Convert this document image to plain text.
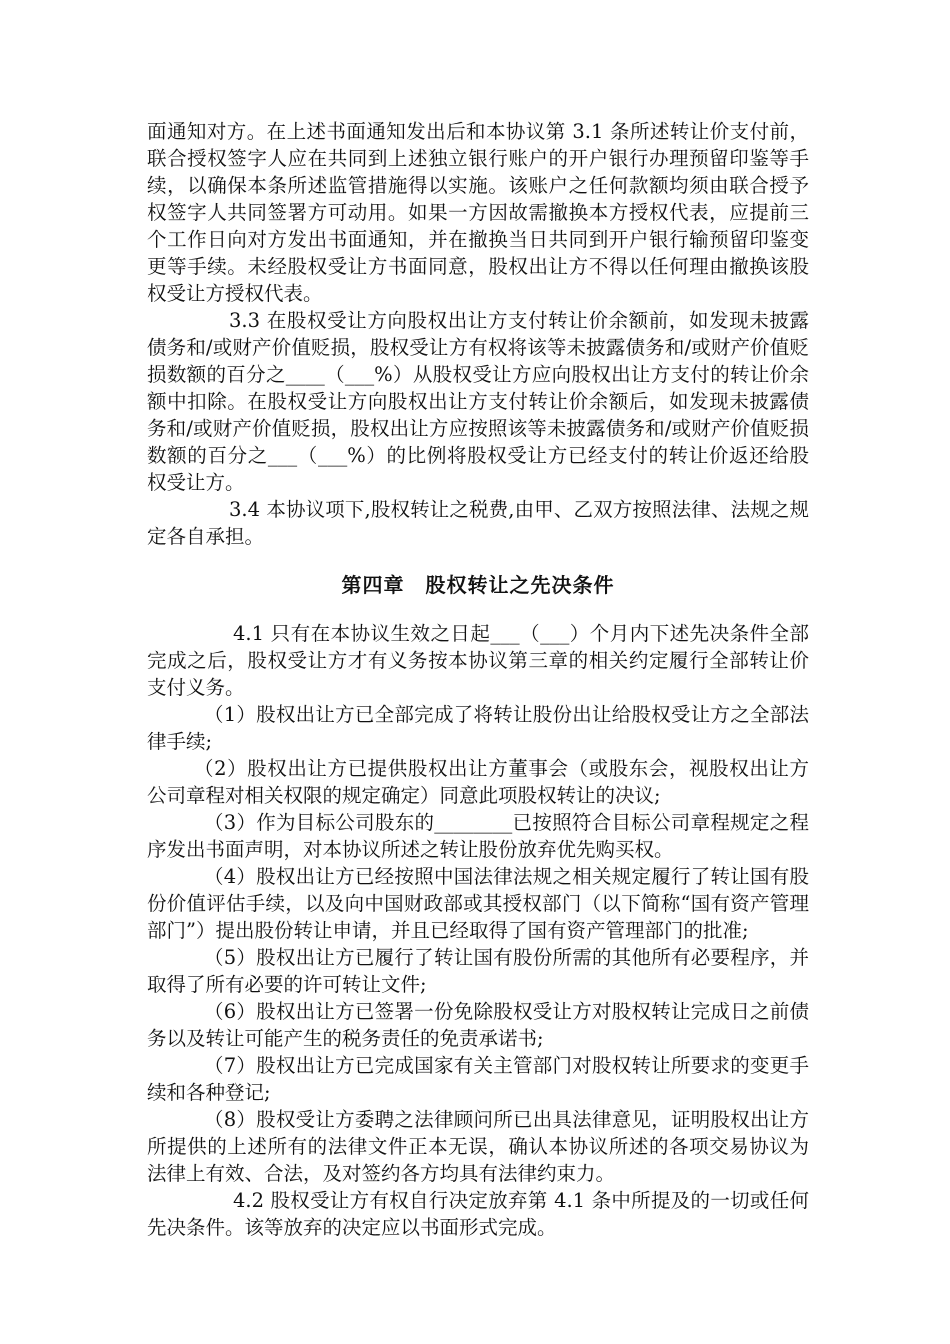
面通知对方。在上述书面通知发出后和本协议第 3.1 条所述转让价支付前，联合授权签字人应在共同到上述独立银行账户的开户银行办理预留印鉴等手续，以确保本条所述监管措施得以实施。该账户之任何款额均须由联合授予权签字人共同签署方可动用。如果一方因故需撤换本方授权代表，应提前三个工作日向对方发出书面通知，并在撤换当日共同到开户银行输预留印鉴变更等手续。未经股权受让方书面同意，股权出让方不得以任何理由撤换该股权受让方授权代表。

3.3 在股权受让方向股权出让方支付转让价余额前，如发现未披露债务和/或财产价值贬损，股权受让方有权将该等未披露债务和/或财产价值贬损数额的百分之____（___%）从股权受让方应向股权出让方支付的转让价余额中扣除。在股权受让方向股权出让方支付转让价余额后，如发现未披露债务和/或财产价值贬损，股权出让方应按照该等未披露债务和/或财产价值贬损数额的百分之___（___%）的比例将股权受让方已经支付的转让价返还给股权受让方。

3.4 本协议项下,股权转让之税费,由甲、乙双方按照法律、法规之规定各自承担。

第四章　股权转让之先决条件

4.1 只有在本协议生效之日起___（___）个月内下述先决条件全部完成之后，股权受让方才有义务按本协议第三章的相关约定履行全部转让价支付义务。

（1）股权出让方已全部完成了将转让股份出让给股权受让方之全部法律手续;

（2）股权出让方已提供股权出让方董事会（或股东会，视股权出让方公司章程对相关权限的规定确定）同意此项股权转让的决议;

（3）作为目标公司股东的________已按照符合目标公司章程规定之程序发出书面声明，对本协议所述之转让股份放弃优先购买权。

（4）股权出让方已经按照中国法律法规之相关规定履行了转让国有股份价值评估手续，以及向中国财政部或其授权部门（以下简称“国有资产管理部门”）提出股份转让申请，并且已经取得了国有资产管理部门的批准;

（5）股权出让方已履行了转让国有股份所需的其他所有必要程序，并取得了所有必要的许可转让文件;

（6）股权出让方已签署一份免除股权受让方对股权转让完成日之前债务以及转让可能产生的税务责任的免责承诺书;

（7）股权出让方已完成国家有关主管部门对股权转让所要求的变更手续和各种登记;

（8）股权受让方委聘之法律顾问所已出具法律意见，证明股权出让方所提供的上述所有的法律文件正本无误，确认本协议所述的各项交易协议为法律上有效、合法，及对签约各方均具有法律约束力。

4.2 股权受让方有权自行决定放弃第 4.1 条中所提及的一切或任何先决条件。该等放弃的决定应以书面形式完成。
